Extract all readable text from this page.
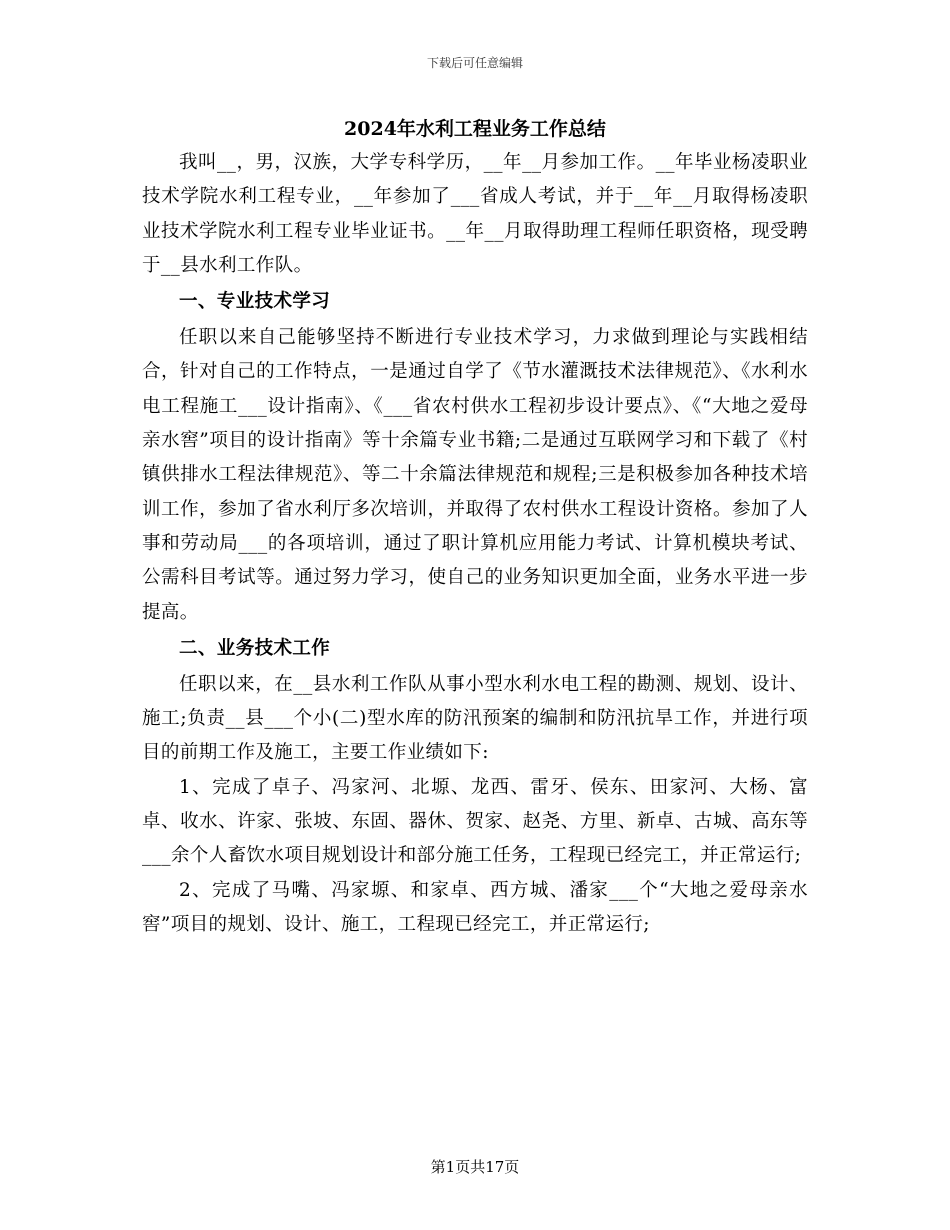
下载后可任意编辑
2024年水利工程业务工作总结

我叫__，男，汉族，大学专科学历，__年__月参加工作。__年毕业杨凌职业技术学院水利工程专业，__年参加了___省成人考试，并于__年__月取得杨凌职业技术学院水利工程专业毕业证书。__年__月取得助理工程师任职资格，现受聘于__县水利工作队。

一、专业技术学习

任职以来自己能够坚持不断进行专业技术学习，力求做到理论与实践相结合，针对自己的工作特点，一是通过自学了《节水灌溉技术法律规范》、《水利水电工程施工___设计指南》、《___省农村供水工程初步设计要点》、《“大地之爱母亲水窖”项目的设计指南》等十余篇专业书籍;二是通过互联网学习和下载了《村镇供排水工程法律规范》、等二十余篇法律规范和规程;三是积极参加各种技术培训工作，参加了省水利厅多次培训，并取得了农村供水工程设计资格。参加了人事和劳动局___的各项培训，通过了职计算机应用能力考试、计算机模块考试、公需科目考试等。通过努力学习，使自己的业务知识更加全面，业务水平进一步提高。

二、业务技术工作

任职以来，在__县水利工作队从事小型水利水电工程的勘测、规划、设计、施工;负责__县___个小(二)型水库的防汛预案的编制和防汛抗旱工作，并进行项目的前期工作及施工，主要工作业绩如下:

1、完成了卓子、冯家河、北塬、龙西、雷牙、侯东、田家河、大杨、富卓、收水、许家、张坡、东固、器休、贺家、赵尧、方里、新卓、古城、高东等___余个人畜饮水项目规划设计和部分施工任务，工程现已经完工，并正常运行;

2、完成了马嘴、冯家塬、和家卓、西方城、潘家___个“大地之爱母亲水窖”项目的规划、设计、施工，工程现已经完工，并正常运行;

第1页共17页
